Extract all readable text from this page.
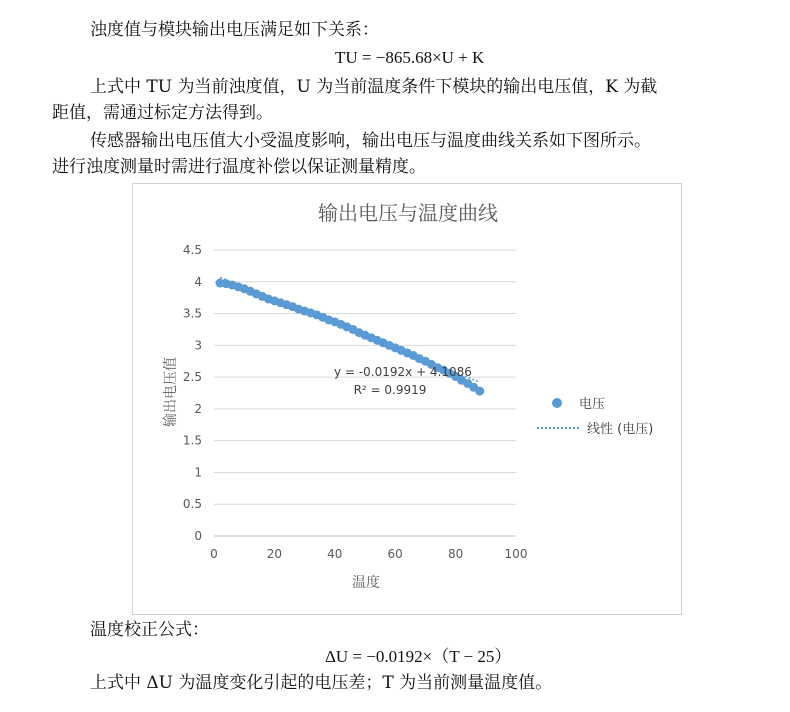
浊度值与模块输出电压满足如下关系：
TU = −865.68×U + K
上式中 TU 为当前浊度值，U 为当前温度条件下模块的输出电压值，K 为截
距值，需通过标定方法得到。
传感器输出电压值大小受温度影响，输出电压与温度曲线关系如下图所示。
进行浊度测量时需进行温度补偿以保证测量精度。
输出电压与温度曲线
0
0.5
1
1.5
2
2.5
3
3.5
4
4.5
0	20	40	60	80	100
温度
输出电压值	y = -0.0192x + 4.1086
R² = 0.9919
电压
线性 (电压)
温度校正公式：
ΔU = −0.0192×（T − 25）
上式中 ΔU 为温度变化引起的电压差；T 为当前测量温度值。
